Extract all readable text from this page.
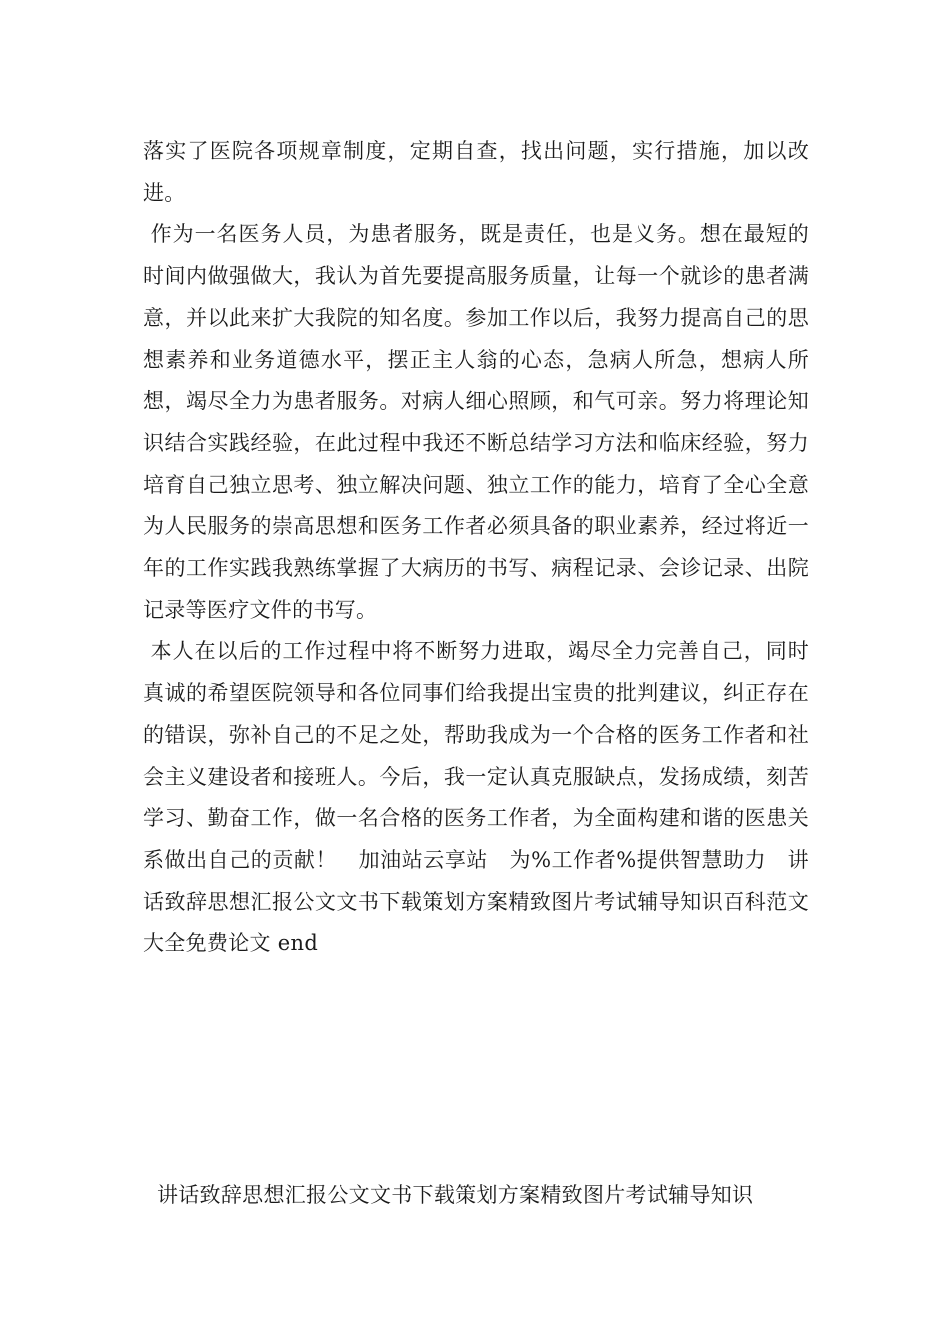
落实了医院各项规章制度，定期自查，找出问题，实行措施，加以改进。

作为一名医务人员，为患者服务，既是责任，也是义务。想在最短的时间内做强做大，我认为首先要提高服务质量，让每一个就诊的患者满意，并以此来扩大我院的知名度。参加工作以后，我努力提高自己的思想素养和业务道德水平，摆正主人翁的心态，急病人所急，想病人所想，竭尽全力为患者服务。对病人细心照顾，和气可亲。努力将理论知识结合实践经验，在此过程中我还不断总结学习方法和临床经验，努力培育自己独立思考、独立解决问题、独立工作的能力，培育了全心全意为人民服务的崇高思想和医务工作者必须具备的职业素养，经过将近一年的工作实践我熟练掌握了大病历的书写、病程记录、会诊记录、出院记录等医疗文件的书写。

本人在以后的工作过程中将不断努力进取，竭尽全力完善自己，同时真诚的希望医院领导和各位同事们给我提出宝贵的批判建议，纠正存在的错误，弥补自己的不足之处，帮助我成为一个合格的医务工作者和社会主义建设者和接班人。今后，我一定认真克服缺点，发扬成绩，刻苦学习、勤奋工作，做一名合格的医务工作者，为全面构建和谐的医患关系做出自己的贡献！　加油站云享站　为%工作者%提供智慧助力　讲话致辞思想汇报公文文书下载策划方案精致图片考试辅导知识百科范文大全免费论文 end

讲话致辞思想汇报公文文书下载策划方案精致图片考试辅导知识
